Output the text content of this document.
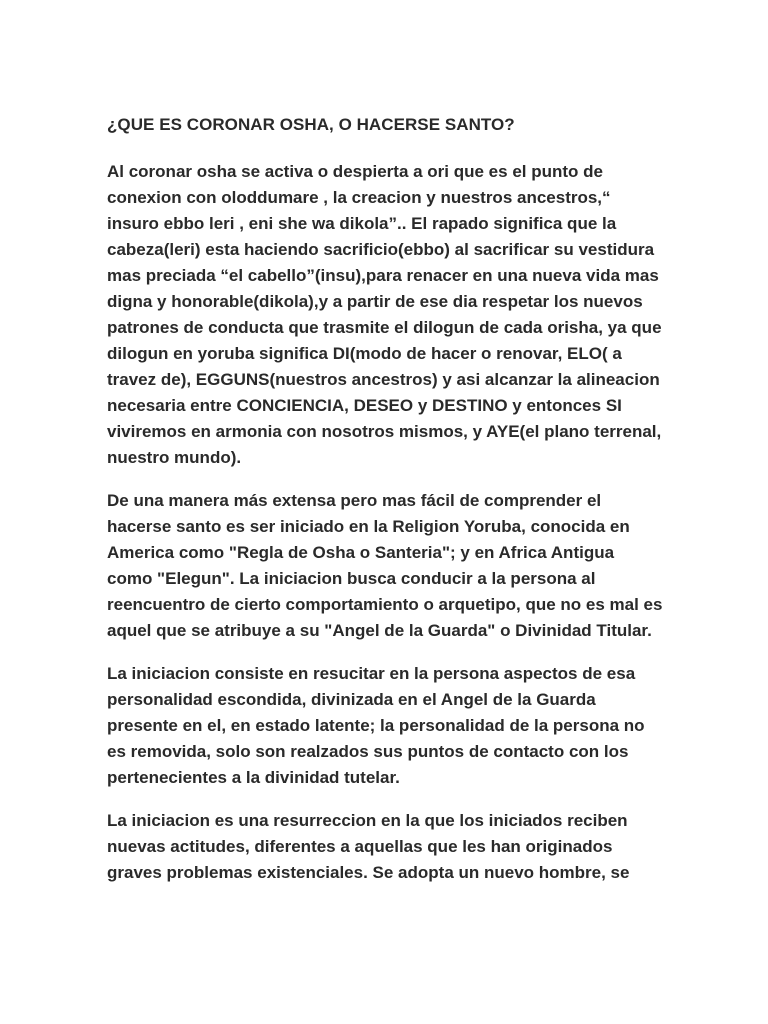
¿QUE ES CORONAR OSHA, O HACERSE SANTO?

Al coronar osha se activa o despierta a ori que es el punto de conexion con oloddumare , la creacion y nuestros ancestros,“ insuro ebbo leri , eni she wa dikola”.. El rapado significa que la cabeza(leri) esta haciendo sacrificio(ebbo) al sacrificar su vestidura mas preciada “el cabello”(insu),para renacer en una nueva vida mas digna y honorable(dikola),y a partir de ese dia respetar los nuevos patrones de conducta que trasmite el dilogun de cada orisha, ya que dilogun en yoruba significa DI(modo de hacer o renovar, ELO( a travez de), EGGUNS(nuestros ancestros) y asi alcanzar la alineacion necesaria entre CONCIENCIA, DESEO y DESTINO y entonces SI viviremos en armonia con nosotros mismos, y AYE(el plano terrenal, nuestro mundo).

De una manera más extensa pero mas fácil de comprender el hacerse santo es ser iniciado en la Religion Yoruba, conocida en America como "Regla de Osha o Santeria"; y en Africa Antigua como "Elegun". La iniciacion busca conducir a la persona al reencuentro de cierto comportamiento o arquetipo, que no es mal es aquel que se atribuye a su "Angel de la Guarda" o Divinidad Titular.

La iniciacion consiste en resucitar en la persona aspectos de esa personalidad escondida, divinizada en el Angel de la Guarda presente en el, en estado latente; la personalidad de la persona no es removida, solo son realzados sus puntos de contacto con los pertenecientes a la divinidad tutelar.

La iniciacion es una resurreccion en la que los iniciados reciben nuevas actitudes, diferentes a aquellas que les han originados graves problemas existenciales. Se adopta un nuevo hombre, se
